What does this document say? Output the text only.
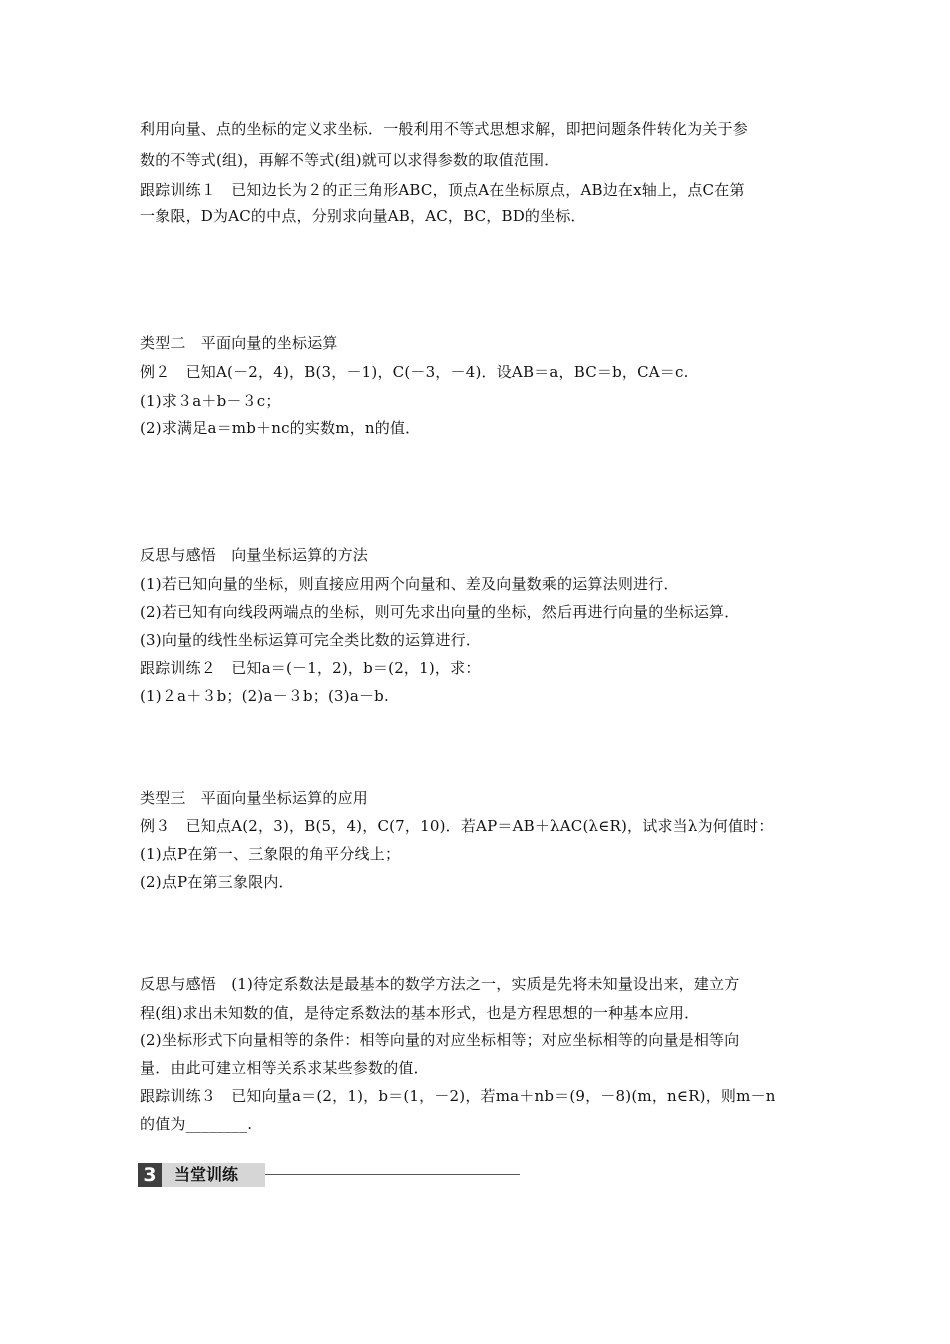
利用向量、点的坐标的定义求坐标．一般利用不等式思想求解，即把问题条件转化为关于参
数的不等式(组)，再解不等式(组)就可以求得参数的取值范围．
跟踪训练１　已知边长为２的正三角形ABC，顶点A在坐标原点，AB边在x轴上，点C在第
一象限，D为AC的中点，分别求向量AB，AC，BC，BD的坐标．
类型二　平面向量的坐标运算
例２　已知A(－2，4)，B(3，－1)，C(－3，－4)．设AB＝a，BC＝b，CA＝c.
(1)求３a＋b－３c；
(2)求满足a＝mb＋nc的实数m，n的值．
反思与感悟　向量坐标运算的方法
(1)若已知向量的坐标，则直接应用两个向量和、差及向量数乘的运算法则进行．
(2)若已知有向线段两端点的坐标，则可先求出向量的坐标，然后再进行向量的坐标运算．
(3)向量的线性坐标运算可完全类比数的运算进行．
跟踪训练２　已知a＝(－1，2)，b＝(2，1)，求：
(1)２a＋３b；(2)a－３b；(3)a－b.
类型三　平面向量坐标运算的应用
例３　已知点A(2，3)，B(5，4)，C(7，10)．若AP＝AB＋λAC(λ∈R)，试求当λ为何值时：
(1)点P在第一、三象限的角平分线上；
(2)点P在第三象限内．
反思与感悟　(1)待定系数法是最基本的数学方法之一，实质是先将未知量设出来，建立方
程(组)求出未知数的值，是待定系数法的基本形式，也是方程思想的一种基本应用．
(2)坐标形式下向量相等的条件：相等向量的对应坐标相等；对应坐标相等的向量是相等向
量．由此可建立相等关系求某些参数的值．
跟踪训练３　已知向量a＝(2，1)，b＝(1，－2)，若ma＋nb＝(9，－8)(m，n∈R)，则m－n
的值为________.
3	当堂训练
